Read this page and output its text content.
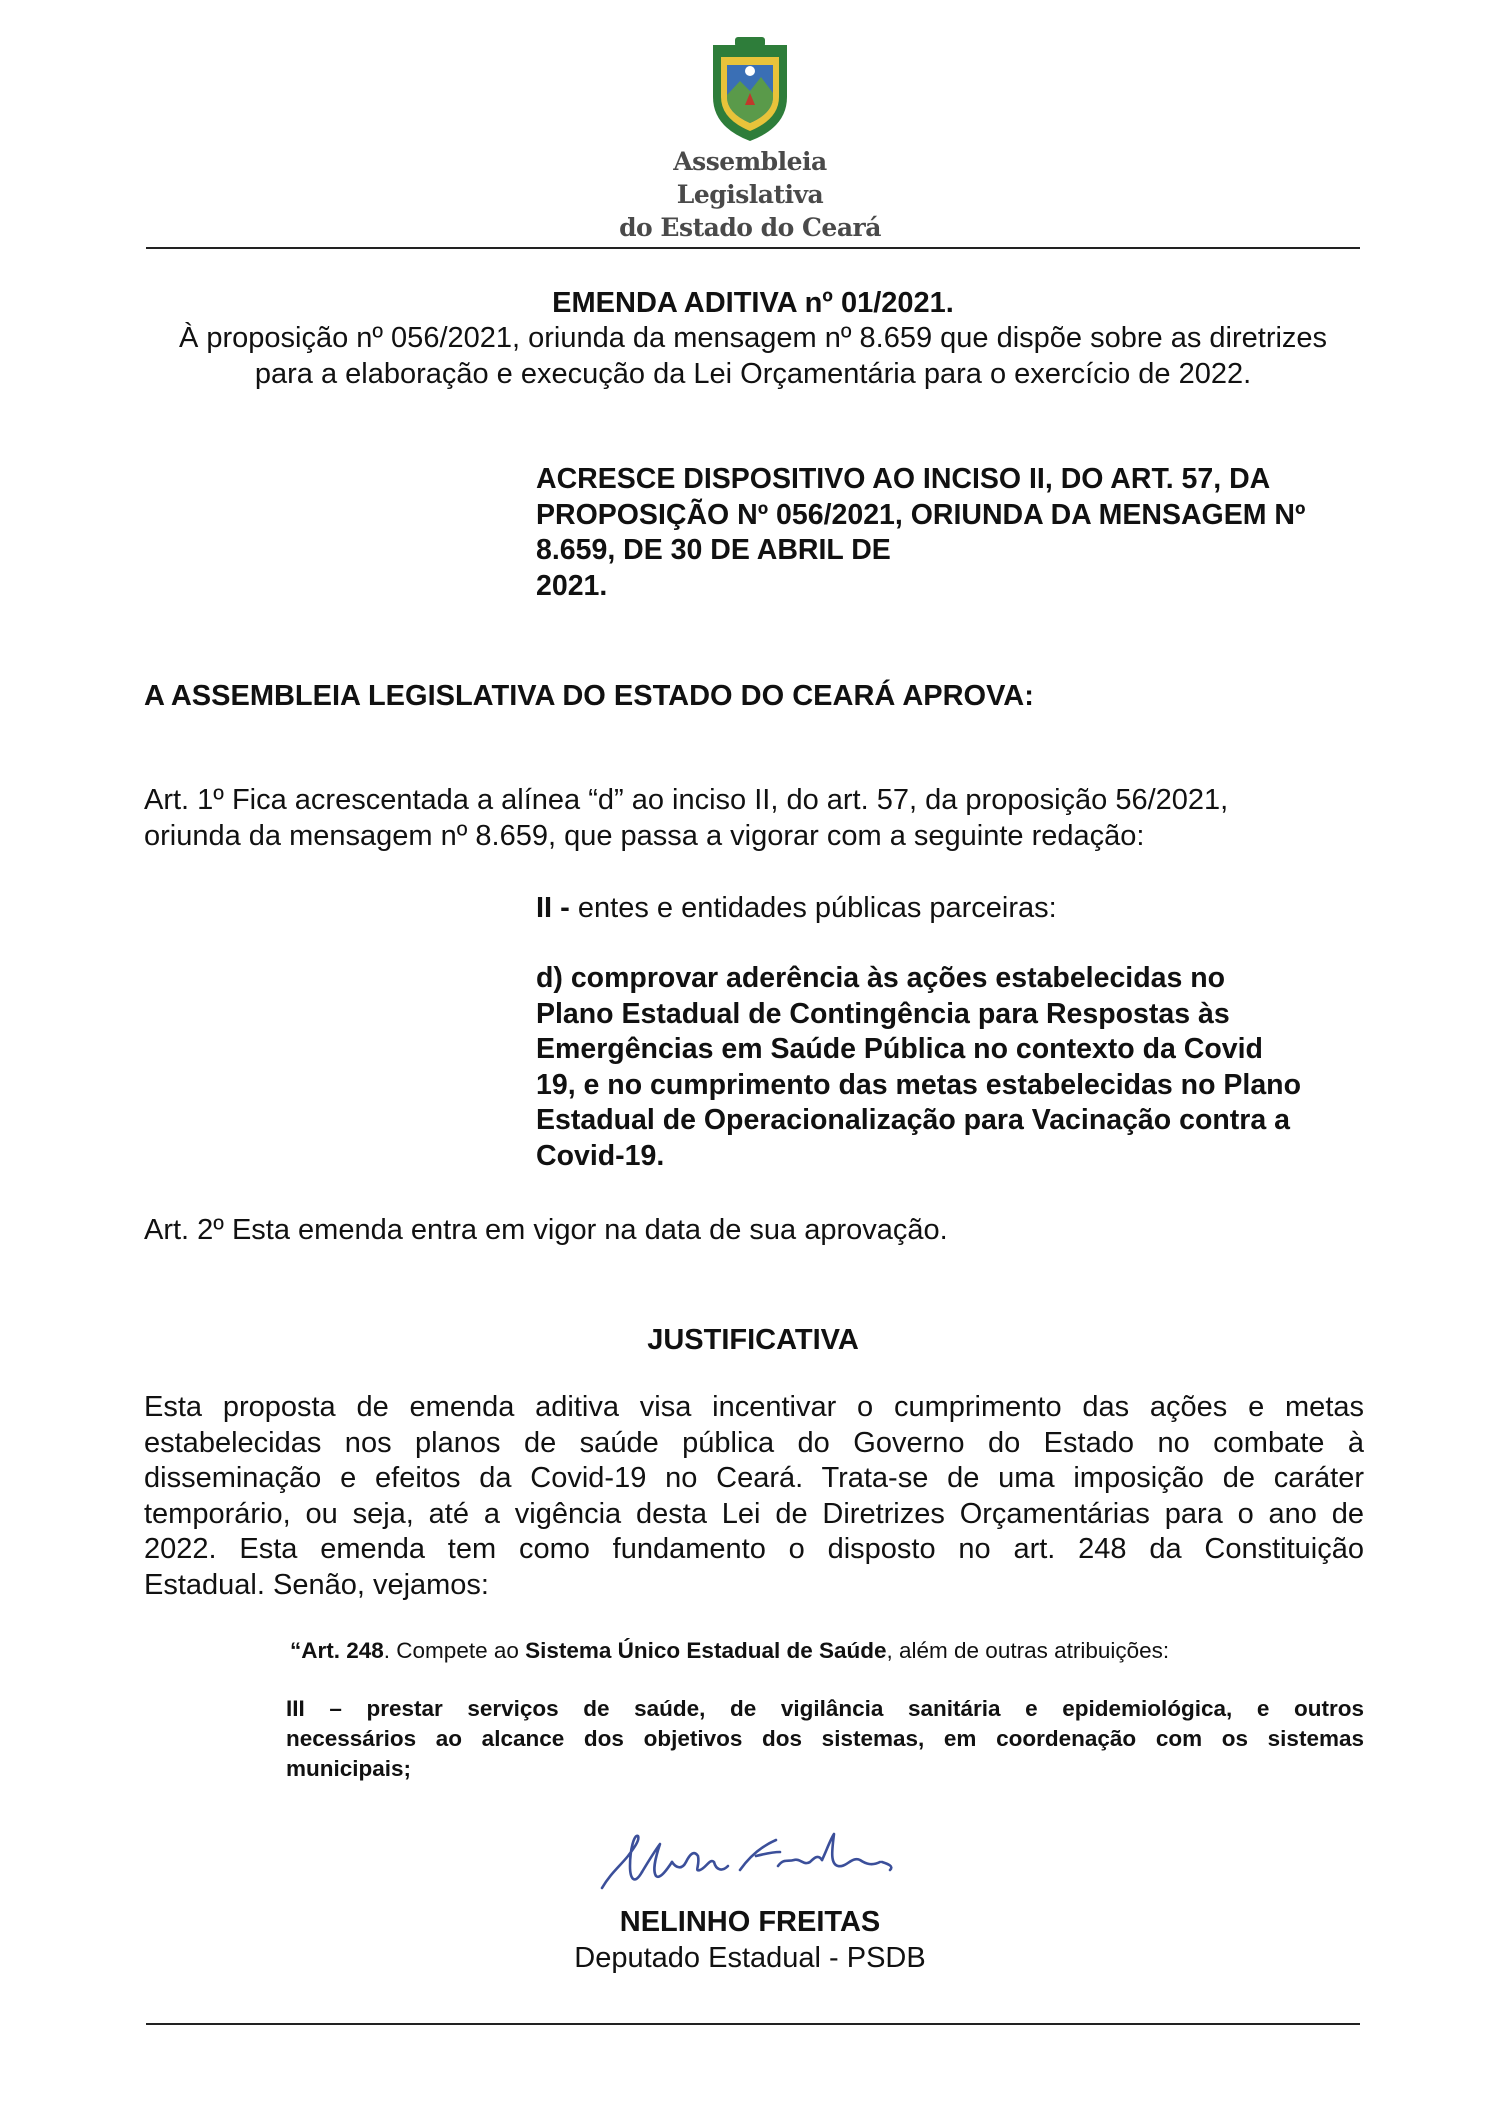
Assembleia Legislativa
do Estado do Ceará
EMENDA ADITIVA nº 01/2021.
À proposição nº 056/2021, oriunda da mensagem nº 8.659 que dispõe sobre as diretrizes
para a elaboração e execução da Lei Orçamentária para o exercício de 2022.
ACRESCE DISPOSITIVO AO INCISO II, DO ART. 57, DA
PROPOSIÇÃO Nº 056/2021, ORIUNDA DA MENSAGEM Nº
8.659, DE 30 DE ABRIL DE
2021.
A ASSEMBLEIA LEGISLATIVA DO ESTADO DO CEARÁ APROVA:
Art. 1º Fica acrescentada a alínea “d” ao inciso II, do art. 57, da proposição 56/2021,
oriunda da mensagem nº 8.659, que passa a vigorar com a seguinte redação:
II - entes e entidades públicas parceiras:
d) comprovar aderência às ações estabelecidas no
Plano Estadual de Contingência para Respostas às
Emergências em Saúde Pública no contexto da Covid
19, e no cumprimento das metas estabelecidas no Plano
Estadual de Operacionalização para Vacinação contra a
Covid-19.
Art. 2º Esta emenda entra em vigor na data de sua aprovação.
JUSTIFICATIVA
Esta proposta de emenda aditiva visa incentivar o cumprimento das ações e metas
estabelecidas nos planos de saúde pública do Governo do Estado no combate à
disseminação e efeitos da Covid-19 no Ceará. Trata-se de uma imposição de caráter
temporário, ou seja, até a vigência desta Lei de Diretrizes Orçamentárias para o ano de
2022. Esta emenda tem como fundamento o disposto no art. 248 da Constituição
Estadual. Senão, vejamos:
“Art. 248. Compete ao Sistema Único Estadual de Saúde, além de outras atribuições:
III – prestar serviços de saúde, de vigilância sanitária e epidemiológica, e outros
necessários ao alcance dos objetivos dos sistemas, em coordenação com os sistemas
municipais;
NELINHO FREITAS
Deputado Estadual - PSDB
